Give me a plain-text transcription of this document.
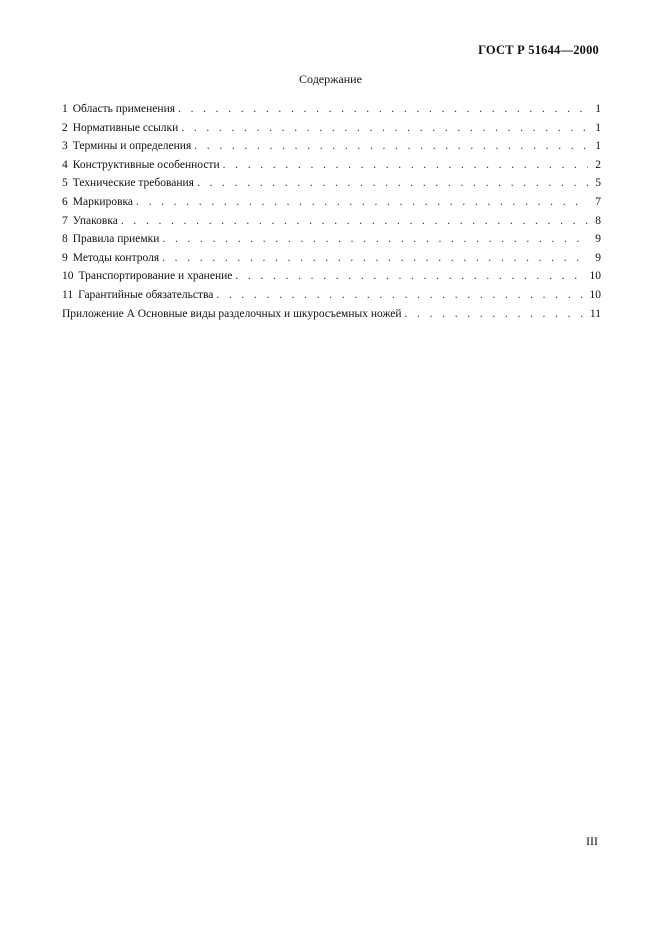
ГОСТ Р 51644—2000
Содержание
1 Область применения . . .	1
2 Нормативные ссылки . . .	1
3 Термины и определения . . .	1
4 Конструктивные особенности . . .	2
5 Технические требования . . .	5
6 Маркировка . . .	7
7 Упаковка . . .	8
8 Правила приемки . . .	9
9 Методы контроля . . .	9
10 Транспортирование и хранение . . .	10
11 Гарантийные обязательства . . .	10
Приложение А Основные виды разделочных и шкуросъемных ножей . . .	11
III
